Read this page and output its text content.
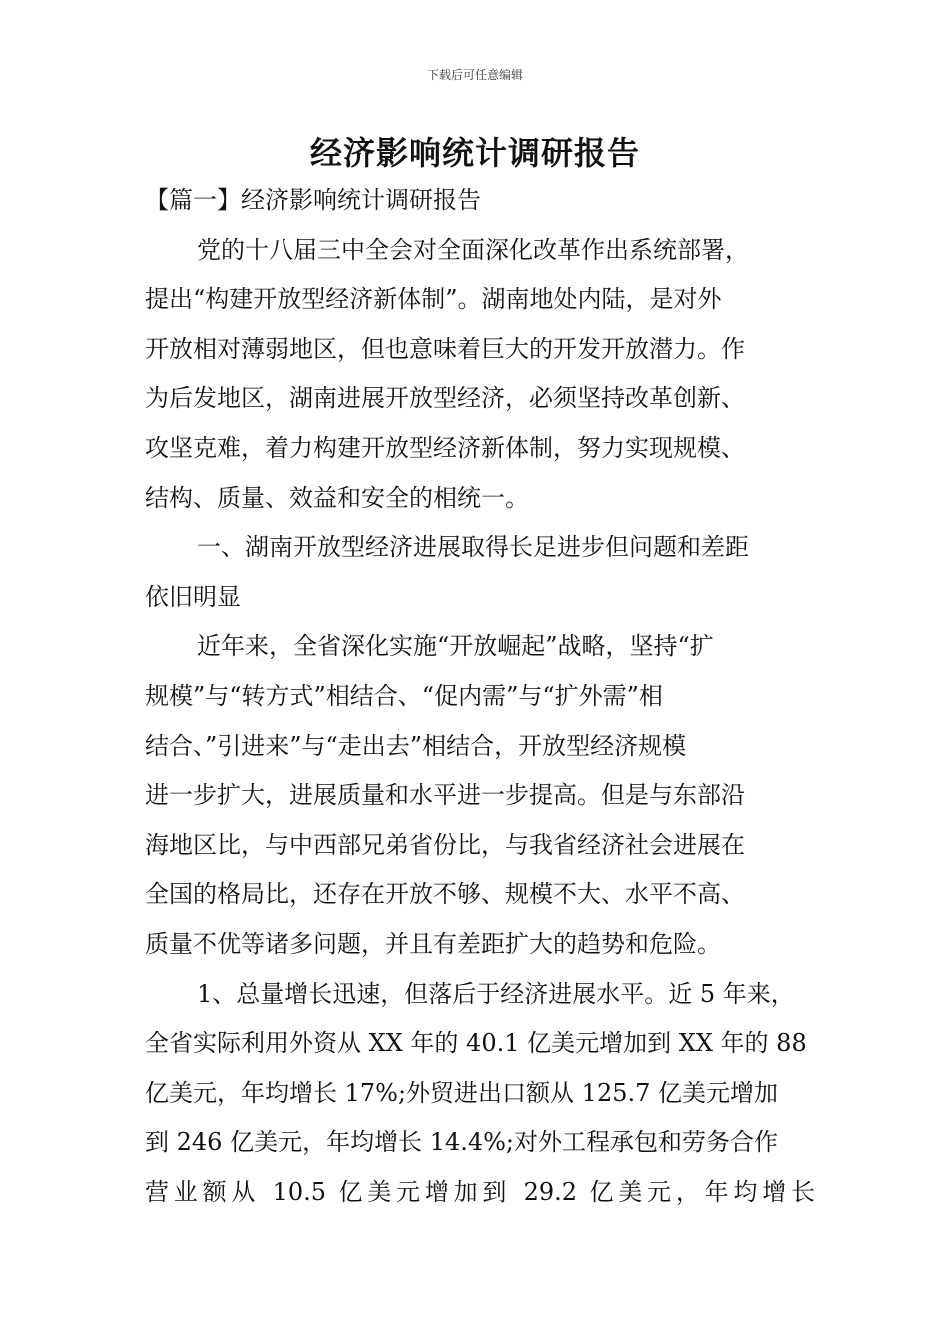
下载后可任意编辑
经济影响统计调研报告
【篇一】经济影响统计调研报告
党的十八届三中全会对全面深化改革作出系统部署，
提出“构建开放型经济新体制”。湖南地处内陆，是对外
开放相对薄弱地区，但也意味着巨大的开发开放潜力。作
为后发地区，湖南进展开放型经济，必须坚持改革创新、
攻坚克难，着力构建开放型经济新体制，努力实现规模、
结构、质量、效益和安全的相统一。
一、湖南开放型经济进展取得长足进步但问题和差距
依旧明显
近年来，全省深化实施“开放崛起”战略，坚持“扩
规模”与“转方式”相结合、“促内需”与“扩外需”相
结合、”引进来”与“走出去”相结合，开放型经济规模
进一步扩大，进展质量和水平进一步提高。但是与东部沿
海地区比，与中西部兄弟省份比，与我省经济社会进展在
全国的格局比，还存在开放不够、规模不大、水平不高、
质量不优等诸多问题，并且有差距扩大的趋势和危险。
1、总量增长迅速，但落后于经济进展水平。近 5 年来，
全省实际利用外资从 XX 年的 40.1 亿美元增加到 XX 年的 88
亿美元，年均增长 17%;外贸进出口额从 125.7 亿美元增加
到 246 亿美元，年均增长 14.4%;对外工程承包和劳务合作
营业额从 10.5 亿美元增加到 29.2 亿美元，年均增长
